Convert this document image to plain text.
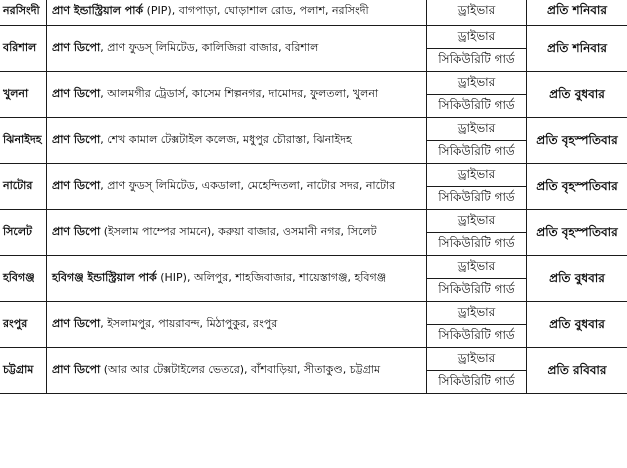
নরসিংদী	প্রাণ ইন্ডাস্ট্রিয়াল পার্ক (PIP), বাগপাড়া, ঘোড়াশাল রোড, পলাশ, নরসিংদী	ড্রাইভার	প্রতি শনিবার
বরিশাল	প্রাণ ডিপো, প্রাণ ফুডস্ লিমিটেড, কালিজিরা বাজার, বরিশাল	ড্রাইভার	প্রতি শনিবার
		সিকিউরিটি গার্ড	
খুলনা	প্রাণ ডিপো, আলমগীর ট্রেডার্স, কাসেম শিল্পনগর, দামোদর, ফুলতলা, খুলনা	ড্রাইভার	প্রতি বুধবার
		সিকিউরিটি গার্ড	
ঝিনাইদহ	প্রাণ ডিপো, শেখ কামাল টেক্সটাইল কলেজ, মধুপুর চৌরাস্তা, ঝিনাইদহ	ড্রাইভার	প্রতি বৃহস্পতিবার
		সিকিউরিটি গার্ড	
নাটোর	প্রাণ ডিপো, প্রাণ ফুডস্ লিমিটেড, একডালা, মেহেন্দিতলা, নাটোর সদর, নাটোর	ড্রাইভার	প্রতি বৃহস্পতিবার
		সিকিউরিটি গার্ড	
সিলেট	প্রাণ ডিপো (ইসলাম পাম্পের সামনে), করুয়া বাজার, ওসমানী নগর, সিলেট	ড্রাইভার	প্রতি বৃহস্পতিবার
		সিকিউরিটি গার্ড	
হবিগঞ্জ	হবিগঞ্জ ইন্ডাস্ট্রিয়াল পার্ক (HIP), অলিপুর, শাহজিবাজার, শায়েস্তাগঞ্জ, হবিগঞ্জ	ড্রাইভার	প্রতি বুধবার
		সিকিউরিটি গার্ড	
রংপুর	প্রাণ ডিপো, ইসলামপুর, পায়রাবন্দ, মিঠাপুকুর, রংপুর	ড্রাইভার	প্রতি বুধবার
		সিকিউরিটি গার্ড	
চট্টগ্রাম	প্রাণ ডিপো (আর আর টেক্সটাইলের ভেতরে), বাঁশবাড়িয়া, সীতাকুণ্ড, চট্টগ্রাম	ড্রাইভার	প্রতি রবিবার
		সিকিউরিটি গার্ড	
